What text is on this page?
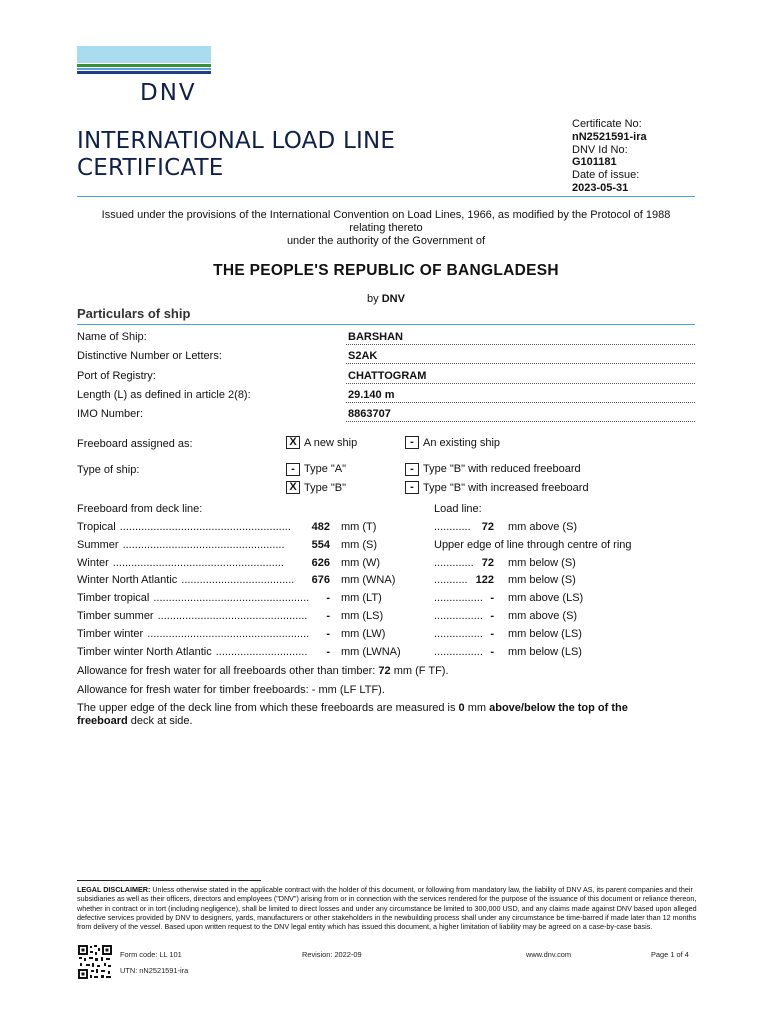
DNV
INTERNATIONAL LOAD LINE
CERTIFICATE
Certificate No:
nN2521591-ira
DNV Id No:
G101181
Date of issue:
2023-05-31
Issued under the provisions of the International Convention on Load Lines, 1966, as modified by the Protocol of 1988
relating thereto
under the authority of the Government of
THE PEOPLE'S REPUBLIC OF BANGLADESH
by DNV
Particulars of ship
Name of Ship:	BARSHAN
Distinctive Number or Letters:	S2AK
Port of Registry:	CHATTOGRAM
Length (L) as defined in article 2(8):	29.140 m
IMO Number:	8863707
Freeboard assigned as:	X A new ship	- An existing ship
Type of ship:	- Type "A"	- Type "B" with reduced freeboard
X Type "B"	- Type "B" with increased freeboard
Freeboard from deck line:	Load line:
Tropical ........................................................	482 mm (T)	............ 72 mm above (S)
Summer .....................................................	554 mm (S)	Upper edge of line through centre of ring
Winter ........................................................	626 mm (W)	............. 72 mm below (S)
Winter North Atlantic .....................................	676 mm (WNA)	........... 122 mm below (S)
Timber tropical ...................................................	- mm (LT)	................ - mm above (LS)
Timber summer .................................................	- mm (LS)	................ - mm above (S)
Timber winter .....................................................	- mm (LW)	................ - mm below (LS)
Timber winter North Atlantic ..............................	- mm (LWNA)	................ - mm below (LS)
Allowance for fresh water for all freeboards other than timber: 72 mm (F TF).
Allowance for fresh water for timber freeboards: - mm (LF LTF).
The upper edge of the deck line from which these freeboards are measured is 0 mm above/below the top of the
freeboard deck at side.
LEGAL DISCLAIMER: Unless otherwise stated in the applicable contract with the holder of this document, or following from mandatory law, the liability of DNV AS, its parent companies and their subsidiaries as well as their officers, directors and employees ("DNV") arising from or in connection with the services rendered for the purpose of the issuance of this document or reliance thereon, whether in contract or in tort (including negligence), shall be limited to direct losses and under any circumstance be limited to 300,000 USD, and any claims made against DNV based upon alleged defective services provided by DNV to designers, yards, manufacturers or other stakeholders in the newbuilding process shall under any circumstance be time-barred if made later than 12 months from delivery of the vessel. Based upon written request to the DNV legal entity which has issued this document, a higher limitation of liability may be agreed on a case-by-case basis.
Form code: LL 101	Revision: 2022-09	www.dnv.com	Page 1 of 4
UTN: nN2521591-ira
